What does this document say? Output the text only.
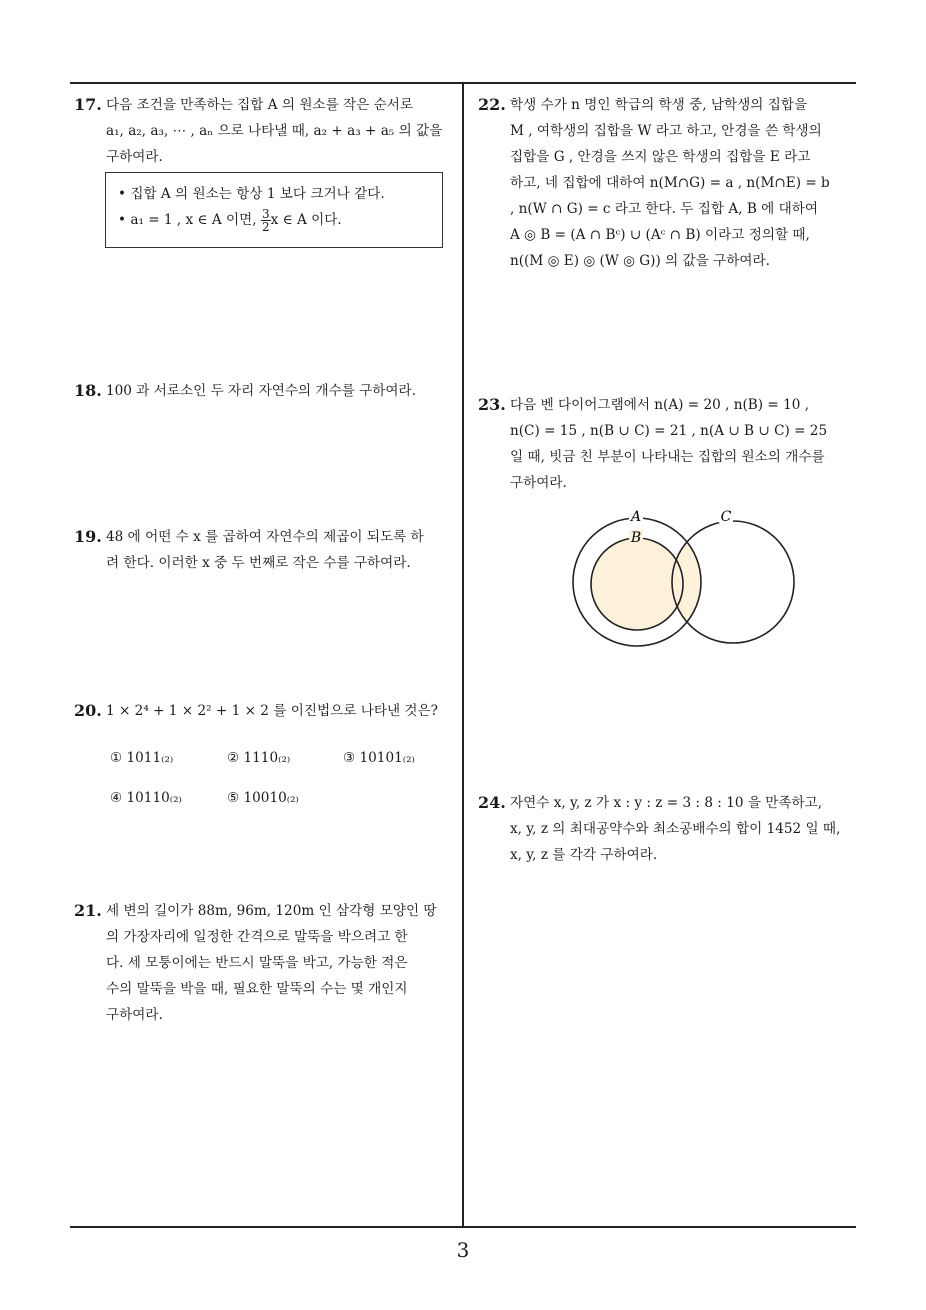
17. 다음 조건을 만족하는 집합 A 의 원소를 작은 순서로
a₁, a₂, a₃, ⋯ , aₙ 으로 나타낼 때, a₂ + a₃ + a₅ 의 값을
구하여라.
• 집합 A 의 원소는 항상 1 보다 크거나 같다.
• a₁ = 1 , x ∈ A 이면, $\frac{3}{2}$ x ∈ A 이다.
18. 100 과 서로소인 두 자리 자연수의 개수를 구하여라.
19. 48 에 어떤 수 x 를 곱하여 자연수의 제곱이 되도록 하
려 한다. 이러한 x 중 두 번째로 작은 수를 구하여라.
20. 1 × 2⁴ + 1 × 2² + 1 × 2 를 이진법으로 나타낸 것은?
① 1011₍₂₎	② 1110₍₂₎	③ 10101₍₂₎
④ 10110₍₂₎	⑤ 10010₍₂₎
21. 세 변의 길이가 88m, 96m, 120m 인 삼각형 모양인 땅
의 가장자리에 일정한 간격으로 말뚝을 박으려고 한
다. 세 모퉁이에는 반드시 말뚝을 박고, 가능한 적은
수의 말뚝을 박을 때, 필요한 말뚝의 수는 몇 개인지
구하여라.
22. 학생 수가 n 명인 학급의 학생 중, 남학생의 집합을
M , 여학생의 집합을 W 라고 하고, 안경을 쓴 학생의
집합을 G , 안경을 쓰지 않은 학생의 집합을 E 라고
하고, 네 집합에 대하여 n(M∩G) = a , n(M∩E) = b
, n(W ∩ G) = c 라고 한다. 두 집합 A, B 에 대하여
A ◎ B = (A ∩ Bᶜ) ∪ (Aᶜ ∩ B) 이라고 정의할 때,
n((M ◎ E) ◎ (W ◎ G)) 의 값을 구하여라.
23. 다음 벤 다이어그램에서 n(A) = 20 , n(B) = 10 ,
n(C) = 15 , n(B ∪ C) = 21 , n(A ∪ B ∪ C) = 25
일 때, 빗금 친 부분이 나타내는 집합의 원소의 개수를
구하여라.
A
B
C
24. 자연수 x, y, z 가 x : y : z = 3 : 8 : 10 을 만족하고,
x, y, z 의 최대공약수와 최소공배수의 합이 1452 일 때,
x, y, z 를 각각 구하여라.
3
